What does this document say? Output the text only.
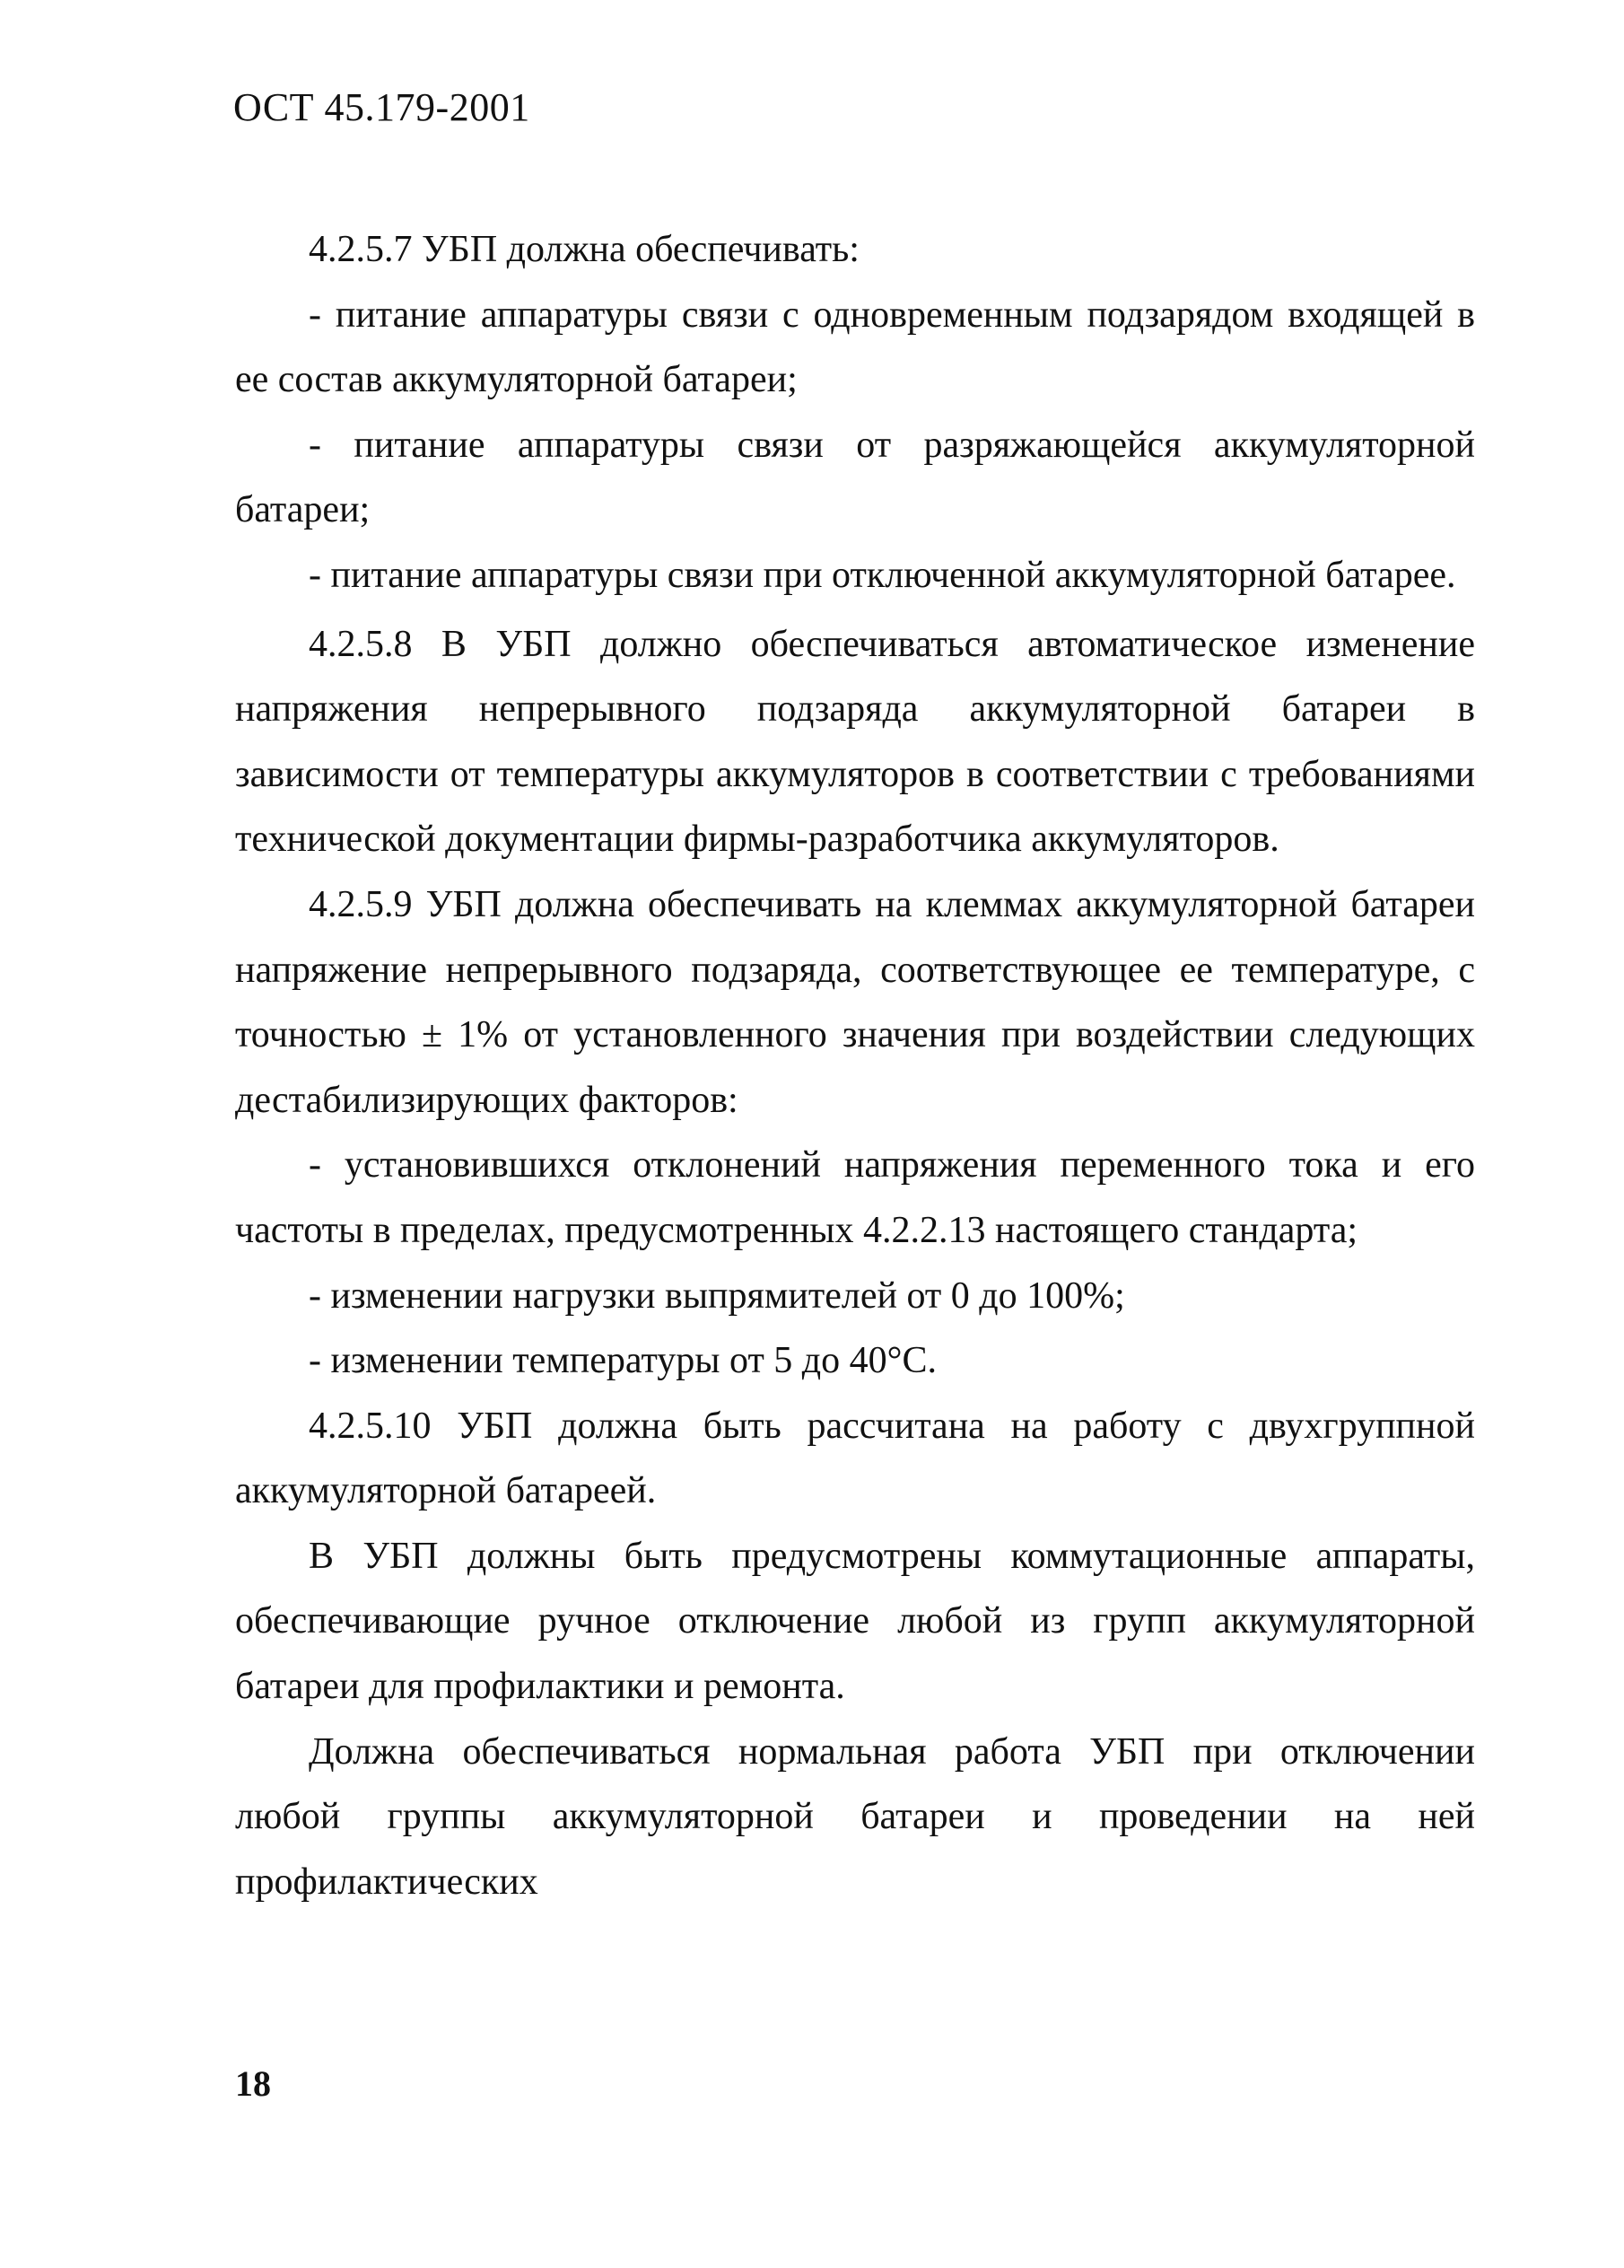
ОСТ 45.179-2001

4.2.5.7 УБП должна обеспечивать:

- питание аппаратуры связи с одновременным подзарядом входящей в ее состав аккумуляторной батареи;

- питание аппаратуры связи от разряжающейся аккумуляторной батареи;

- питание аппаратуры связи при отключенной аккумуляторной батарее.

4.2.5.8 В УБП должно обеспечиваться автоматическое изменение напряжения непрерывного подзаряда аккумуляторной батареи в зависимости от температуры аккумуляторов в соответствии с требованиями технической документации фирмы-разработчика аккумуляторов.

4.2.5.9 УБП должна обеспечивать на клеммах аккумуляторной батареи напряжение непрерывного подзаряда, соответствующее ее температуре, с точностью ± 1% от установленного значения при воздействии следующих дестабилизирующих факторов:

- установившихся отклонений напряжения переменного тока и его частоты в пределах, предусмотренных 4.2.2.13 настоящего стандарта;

- изменении нагрузки выпрямителей от 0 до 100%;

- изменении температуры от 5 до 40°С.

4.2.5.10 УБП должна быть рассчитана на работу с двухгруппной аккумуляторной батареей.

В УБП должны быть предусмотрены коммутационные аппараты, обеспечивающие ручное отключение любой из групп аккумуляторной батареи для профилактики и ремонта.

Должна обеспечиваться нормальная работа УБП при отключении любой группы аккумуляторной батареи и проведении на ней профилактических

18
